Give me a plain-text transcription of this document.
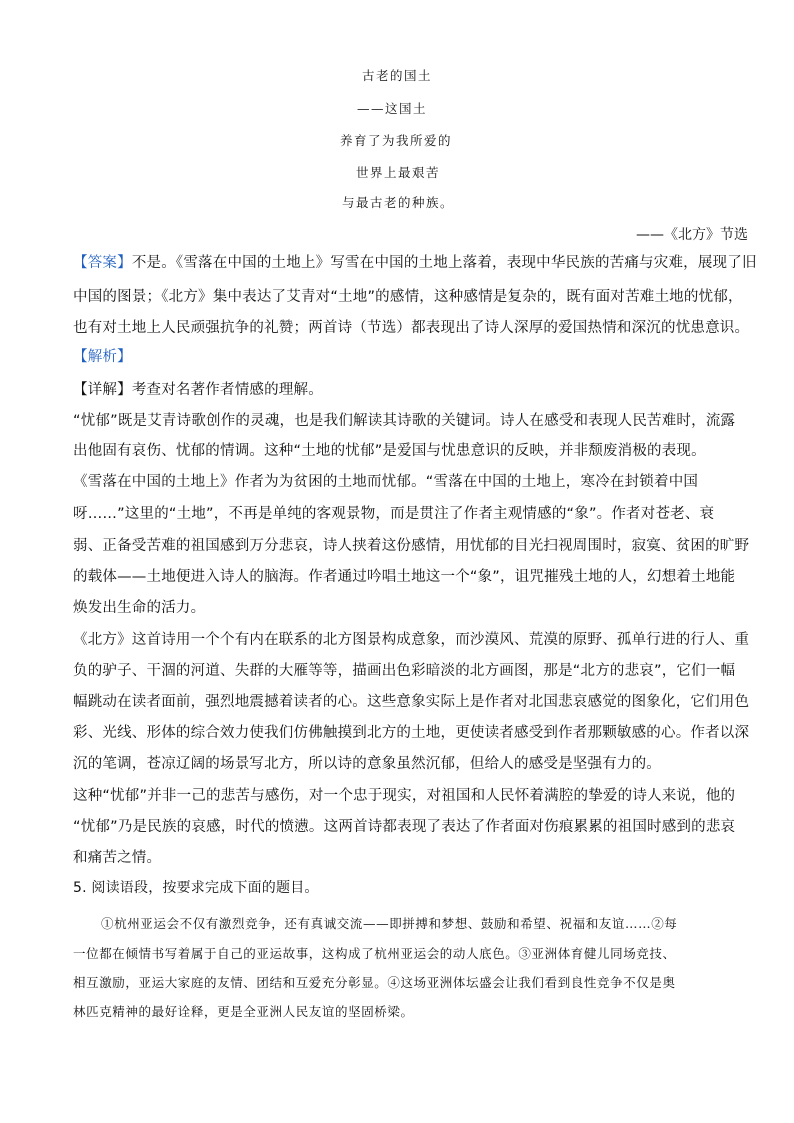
古老的国土
——这国土
养育了为我所爱的
世界上最艰苦
与最古老的种族。
——《北方》节选
【答案】不是。《雪落在中国的土地上》写雪在中国的土地上落着，表现中华民族的苦痛与灾难，展现了旧
中国的图景；《北方》集中表达了艾青对“土地”的感情，这种感情是复杂的，既有面对苦难土地的忧郁，
也有对土地上人民顽强抗争的礼赞；两首诗（节选）都表现出了诗人深厚的爱国热情和深沉的忧患意识。
【解析】
【详解】考查对名著作者情感的理解。
“忧郁”既是艾青诗歌创作的灵魂，也是我们解读其诗歌的关键词。诗人在感受和表现人民苦难时，流露
出他固有哀伤、忧郁的情调。这种“土地的忧郁”是爱国与忧患意识的反映，并非颓废消极的表现。
《雪落在中国的土地上》作者为为贫困的土地而忧郁。“雪落在中国的土地上，寒冷在封锁着中国
呀……”这里的“土地”，不再是单纯的客观景物，而是贯注了作者主观情感的“象”。作者对苍老、衰
弱、正备受苦难的祖国感到万分悲哀，诗人挟着这份感情，用忧郁的目光扫视周围时，寂寞、贫困的旷野
的载体——土地便进入诗人的脑海。作者通过吟唱土地这一个“象”，诅咒摧残土地的人，幻想着土地能
焕发出生命的活力。
《北方》这首诗用一个个有内在联系的北方图景构成意象，而沙漠风、荒漠的原野、孤单行进的行人、重
负的驴子、干涸的河道、失群的大雁等等，描画出色彩暗淡的北方画图，那是“北方的悲哀”，它们一幅
幅跳动在读者面前，强烈地震撼着读者的心。这些意象实际上是作者对北国悲哀感觉的图象化，它们用色
彩、光线、形体的综合效力使我们仿佛触摸到北方的土地，更使读者感受到作者那颗敏感的心。作者以深
沉的笔调，苍凉辽阔的场景写北方，所以诗的意象虽然沉郁，但给人的感受是坚强有力的。
这种“忧郁”并非一己的悲苦与感伤，对一个忠于现实，对祖国和人民怀着满腔的挚爱的诗人来说，他的
“忧郁”乃是民族的哀感，时代的愤懑。这两首诗都表现了表达了作者面对伤痕累累的祖国时感到的悲哀
和痛苦之情。
5. 阅读语段，按要求完成下面的题目。
①杭州亚运会不仅有激烈竞争，还有真诚交流——即拼搏和梦想、鼓励和希望、祝福和友谊……②每
一位都在倾情书写着属于自己的亚运故事，这构成了杭州亚运会的动人底色。③亚洲体育健儿同场竞技、
相互激励，亚运大家庭的友情、团结和互爱充分彰显。④这场亚洲体坛盛会让我们看到良性竞争不仅是奥
林匹克精神的最好诠释，更是全亚洲人民友谊的坚固桥梁。
